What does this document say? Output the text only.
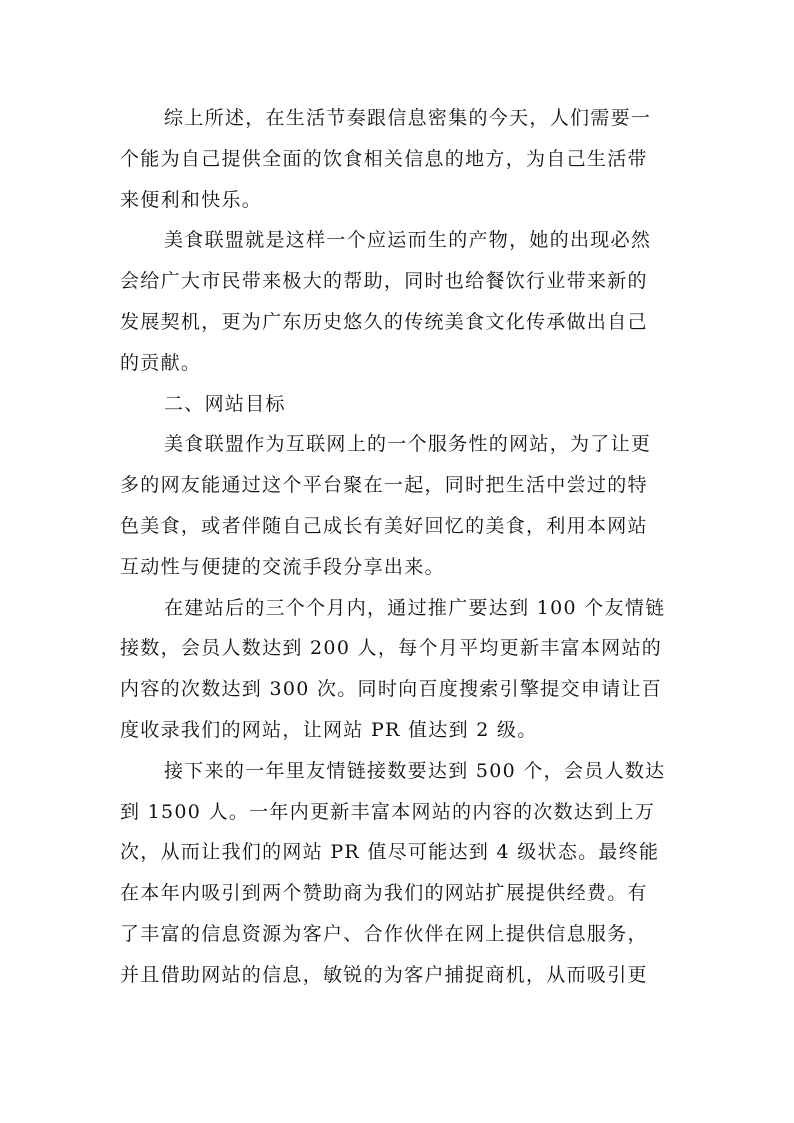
综上所述，在生活节奏跟信息密集的今天，人们需要一
个能为自己提供全面的饮食相关信息的地方，为自己生活带
来便利和快乐。
美食联盟就是这样一个应运而生的产物，她的出现必然
会给广大市民带来极大的帮助，同时也给餐饮行业带来新的
发展契机，更为广东历史悠久的传统美食文化传承做出自己
的贡献。
二、网站目标
美食联盟作为互联网上的一个服务性的网站，为了让更
多的网友能通过这个平台聚在一起，同时把生活中尝过的特
色美食，或者伴随自己成长有美好回忆的美食，利用本网站
互动性与便捷的交流手段分享出来。
在建站后的三个个月内，通过推广要达到 100 个友情链
接数，会员人数达到 200 人，每个月平均更新丰富本网站的
内容的次数达到 300 次。同时向百度搜索引擎提交申请让百
度收录我们的网站，让网站 PR 值达到 2 级。
接下来的一年里友情链接数要达到 500 个，会员人数达
到 1500 人。一年内更新丰富本网站的内容的次数达到上万
次，从而让我们的网站 PR 值尽可能达到 4 级状态。最终能
在本年内吸引到两个赞助商为我们的网站扩展提供经费。有
了丰富的信息资源为客户、合作伙伴在网上提供信息服务，
并且借助网站的信息，敏锐的为客户捕捉商机，从而吸引更
